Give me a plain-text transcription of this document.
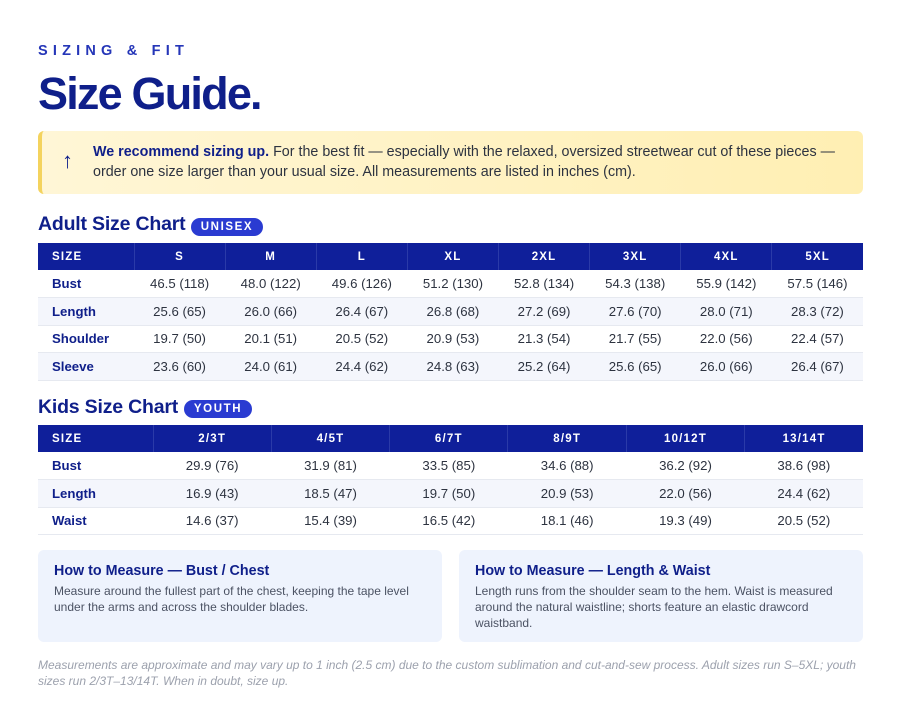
SIZING & FIT
Size Guide.
↑ We recommend sizing up. For the best fit — especially with the relaxed, oversized streetwear cut of these pieces — order one size larger than your usual size. All measurements are listed in inches (cm).
Adult Size Chart	UNISEX
SIZE	S	M	L	XL	2XL	3XL	4XL	5XL
Bust	46.5 (118)	48.0 (122)	49.6 (126)	51.2 (130)	52.8 (134)	54.3 (138)	55.9 (142)	57.5 (146)
Length	25.6 (65)	26.0 (66)	26.4 (67)	26.8 (68)	27.2 (69)	27.6 (70)	28.0 (71)	28.3 (72)
Shoulder	19.7 (50)	20.1 (51)	20.5 (52)	20.9 (53)	21.3 (54)	21.7 (55)	22.0 (56)	22.4 (57)
Sleeve	23.6 (60)	24.0 (61)	24.4 (62)	24.8 (63)	25.2 (64)	25.6 (65)	26.0 (66)	26.4 (67)
Kids Size Chart	YOUTH
SIZE	2/3T	4/5T	6/7T	8/9T	10/12T	13/14T
Bust	29.9 (76)	31.9 (81)	33.5 (85)	34.6 (88)	36.2 (92)	38.6 (98)
Length	16.9 (43)	18.5 (47)	19.7 (50)	20.9 (53)	22.0 (56)	24.4 (62)
Waist	14.6 (37)	15.4 (39)	16.5 (42)	18.1 (46)	19.3 (49)	20.5 (52)
How to Measure — Bust / Chest

Measure around the fullest part of the chest, keeping the tape level under the arms and across the shoulder blades.

How to Measure — Length & Waist

Length runs from the shoulder seam to the hem. Waist is measured around the natural waistline; shorts feature an elastic drawcord waistband.

Measurements are approximate and may vary up to 1 inch (2.5 cm) due to the custom sublimation and cut-and-sew process. Adult sizes run S–5XL; youth sizes run 2/3T–13/14T. When in doubt, size up.
